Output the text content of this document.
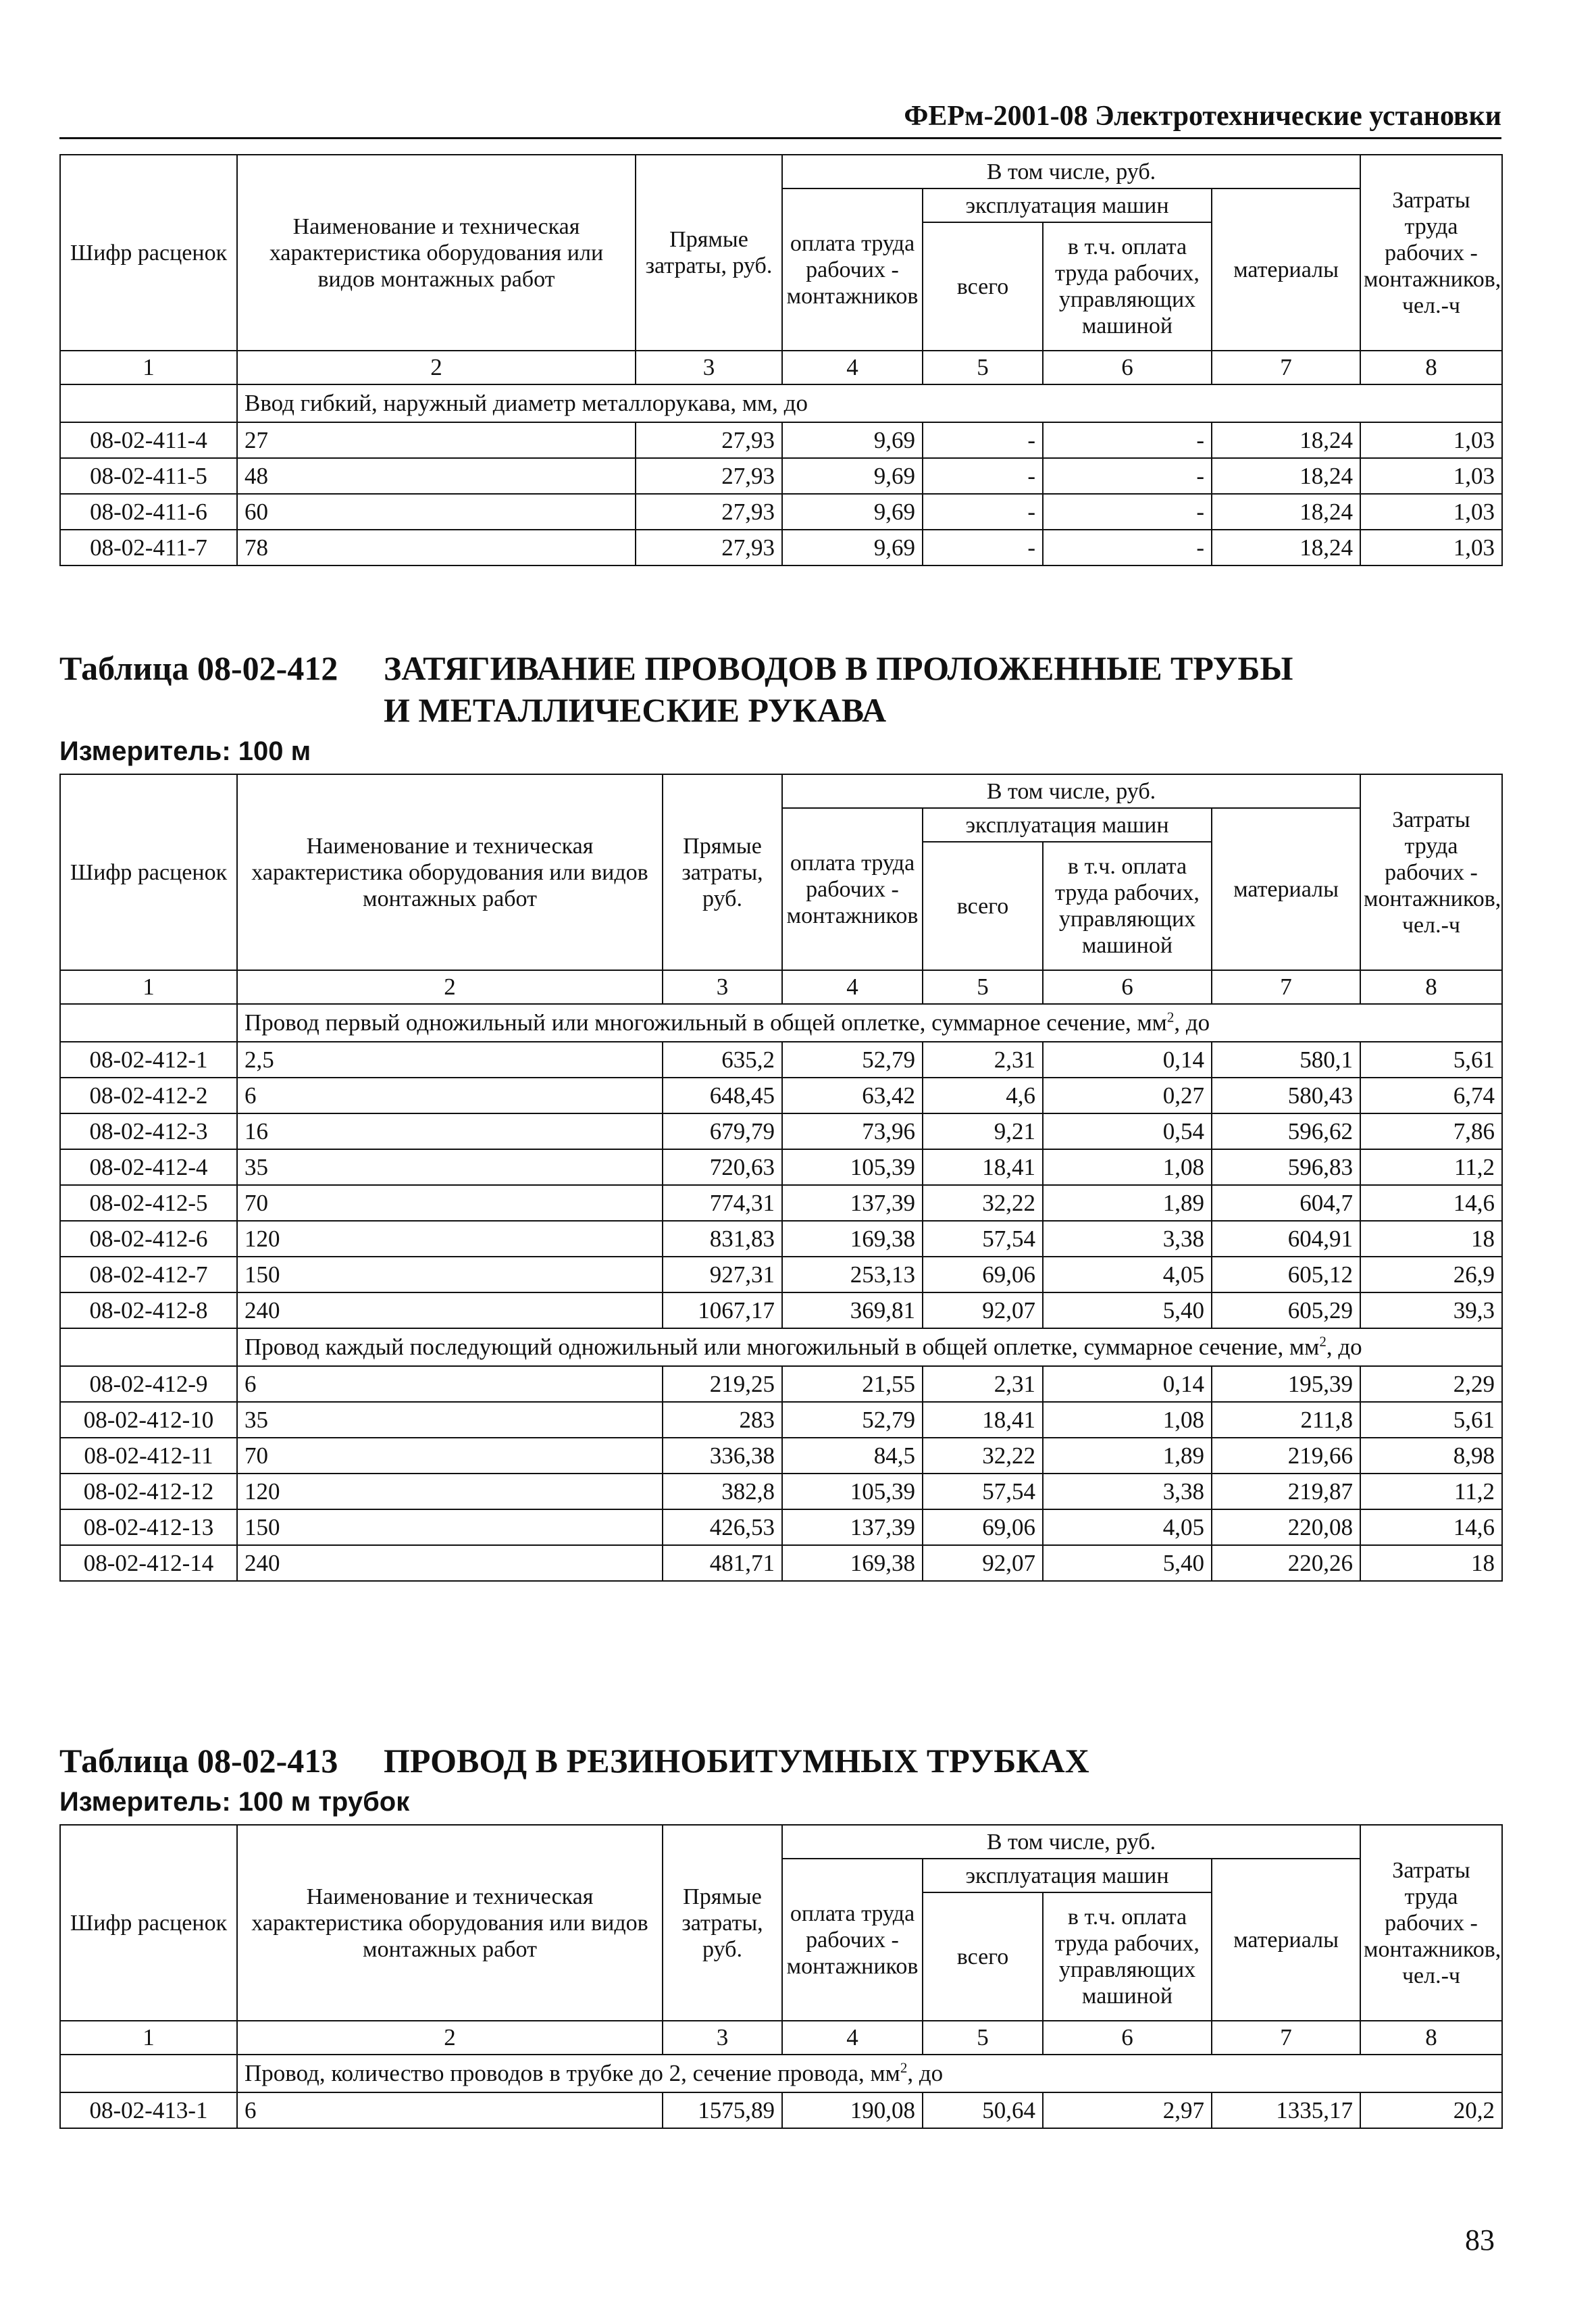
ФЕРм-2001-08 Электротехнические установки
Шифр расценок	Наименование и техническая характеристика оборудования или видов монтажных работ	Прямые затраты, руб.	В том числе, руб.				Затраты труда рабочих - монтажников, чел.-ч
			оплата труда рабочих - монтажников	эксплуатация машин		материалы	
				всего	в т.ч. оплата труда рабочих, управляющих машиной		
1	2	3	4	5	6	7	8
	Ввод гибкий, наружный диаметр металлорукава, мм, до						
08-02-411-4	27	27,93	9,69	-	-	18,24	1,03
08-02-411-5	48	27,93	9,69	-	-	18,24	1,03
08-02-411-6	60	27,93	9,69	-	-	18,24	1,03
08-02-411-7	78	27,93	9,69	-	-	18,24	1,03
Таблица 08-02-412 ЗАТЯГИВАНИЕ ПРОВОДОВ В ПРОЛОЖЕННЫЕ ТРУБЫ
И МЕТАЛЛИЧЕСКИЕ РУКАВА
Измеритель: 100 м
Шифр расценок	Наименование и техническая характеристика оборудования или видов монтажных работ	Прямые затраты, руб.	В том числе, руб.				Затраты труда рабочих - монтажников, чел.-ч
			оплата труда рабочих - монтажников	эксплуатация машин		материалы	
				всего	в т.ч. оплата труда рабочих, управляющих машиной		
1	2	3	4	5	6	7	8
	Провод первый одножильный или многожильный в общей оплетке, суммарное сечение, $мм^2$, до						
08-02-412-1	2,5	635,2	52,79	2,31	0,14	580,1	5,61
08-02-412-2	6	648,45	63,42	4,6	0,27	580,43	6,74
08-02-412-3	16	679,79	73,96	9,21	0,54	596,62	7,86
08-02-412-4	35	720,63	105,39	18,41	1,08	596,83	11,2
08-02-412-5	70	774,31	137,39	32,22	1,89	604,7	14,6
08-02-412-6	120	831,83	169,38	57,54	3,38	604,91	18
08-02-412-7	150	927,31	253,13	69,06	4,05	605,12	26,9
08-02-412-8	240	1067,17	369,81	92,07	5,40	605,29	39,3
	Провод каждый последующий одножильный или многожильный в общей оплетке, суммарное сечение, $мм^2$, до						
08-02-412-9	6	219,25	21,55	2,31	0,14	195,39	2,29
08-02-412-10	35	283	52,79	18,41	1,08	211,8	5,61
08-02-412-11	70	336,38	84,5	32,22	1,89	219,66	8,98
08-02-412-12	120	382,8	105,39	57,54	3,38	219,87	11,2
08-02-412-13	150	426,53	137,39	69,06	4,05	220,08	14,6
08-02-412-14	240	481,71	169,38	92,07	5,40	220,26	18
Таблица 08-02-413 ПРОВОД В РЕЗИНОБИТУМНЫХ ТРУБКАХ
Измеритель: 100 м трубок
Шифр расценок	Наименование и техническая характеристика оборудования или видов монтажных работ	Прямые затраты, руб.	В том числе, руб.				Затраты труда рабочих - монтажников, чел.-ч
			оплата труда рабочих - монтажников	эксплуатация машин		материалы	
				всего	в т.ч. оплата труда рабочих, управляющих машиной		
1	2	3	4	5	6	7	8
	Провод, количество проводов в трубке до 2, сечение провода, $мм^2$, до						
08-02-413-1	6	1575,89	190,08	50,64	2,97	1335,17	20,2
83
